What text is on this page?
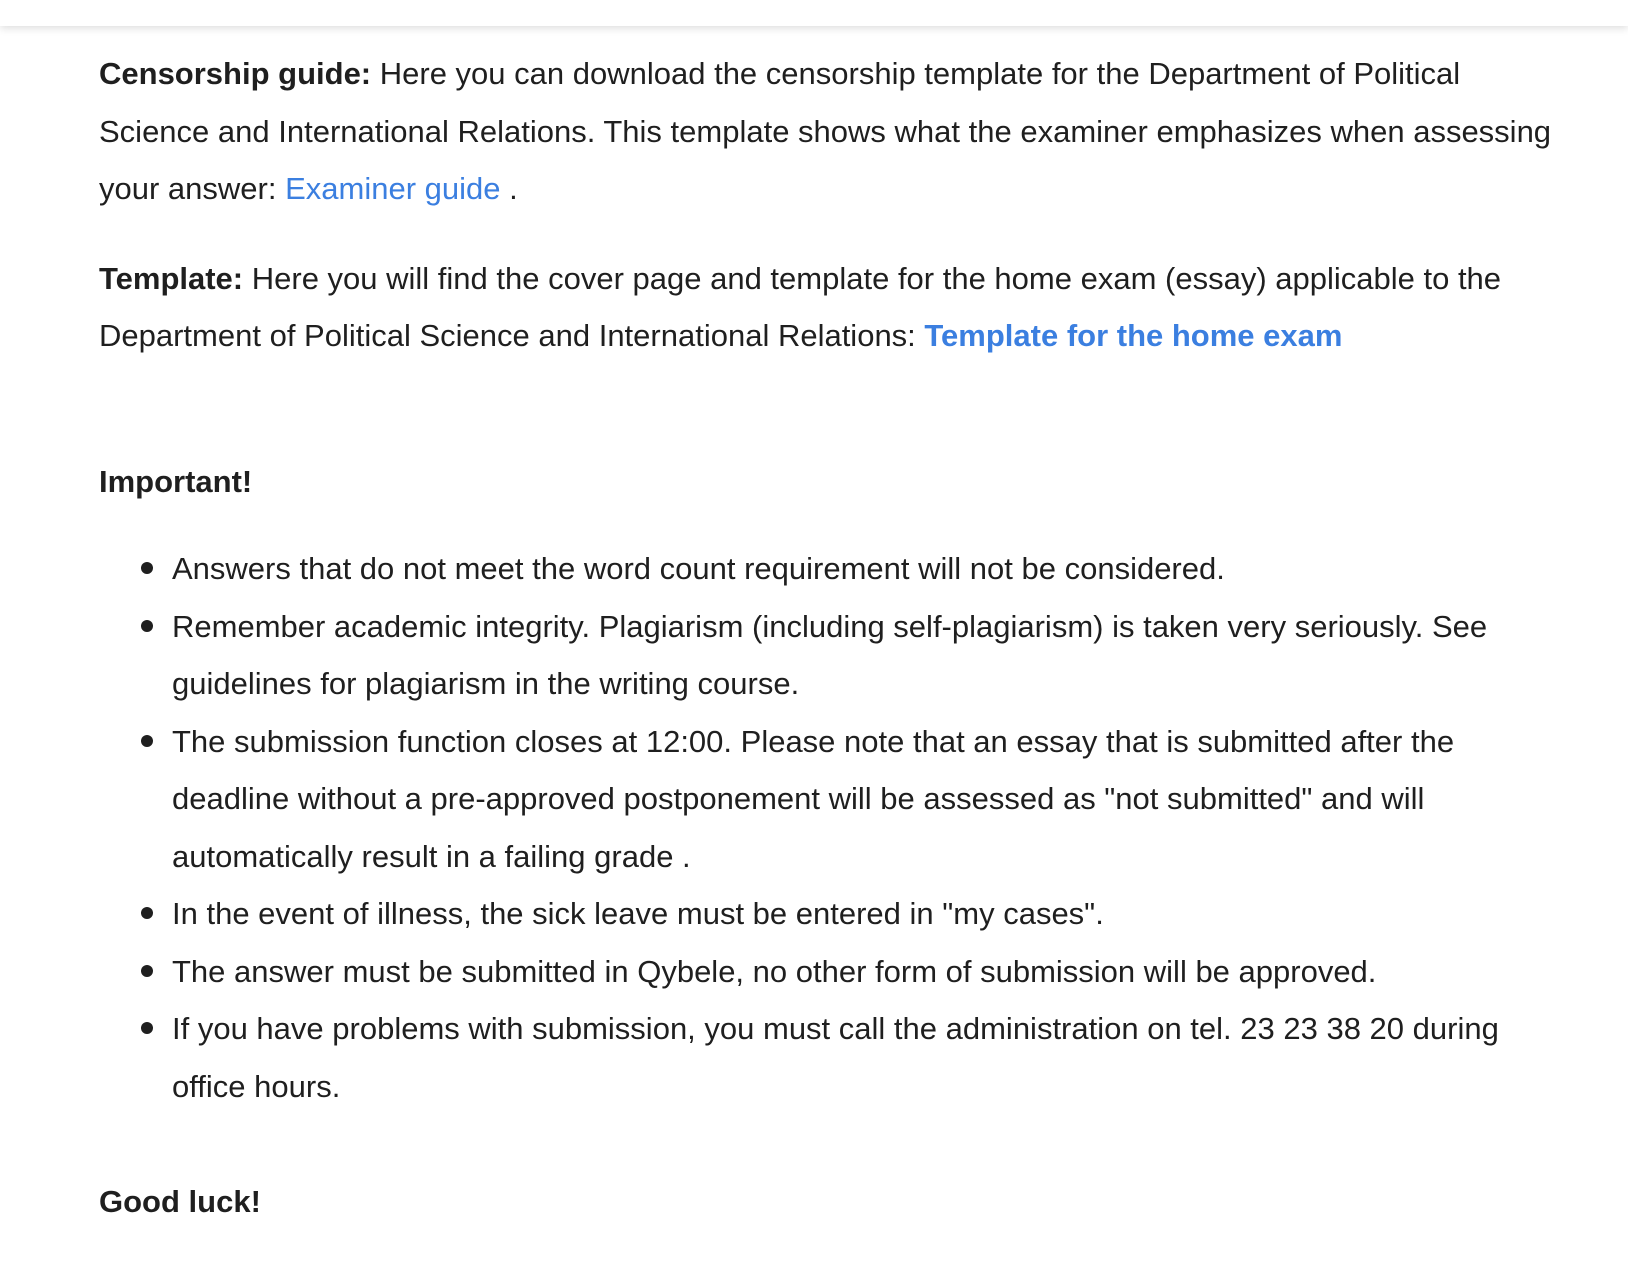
Censorship guide: Here you can download the censorship template for the Department of Political Science and International Relations. This template shows what the examiner emphasizes when assessing your answer: Examiner guide .

Template: Here you will find the cover page and template for the home exam (essay) applicable to the Department of Political Science and International Relations: Template for the home exam

Important!

Answers that do not meet the word count requirement will not be considered.
Remember academic integrity. Plagiarism (including self-plagiarism) is taken very seriously. See guidelines for plagiarism in the writing course.
The submission function closes at 12:00. Please note that an essay that is submitted after the deadline without a pre-approved postponement will be assessed as "not submitted" and will automatically result in a failing grade .
In the event of illness, the sick leave must be entered in "my cases".
The answer must be submitted in Qybele, no other form of submission will be approved.
If you have problems with submission, you must call the administration on tel. 23 23 38 20 during office hours.

Good luck!
